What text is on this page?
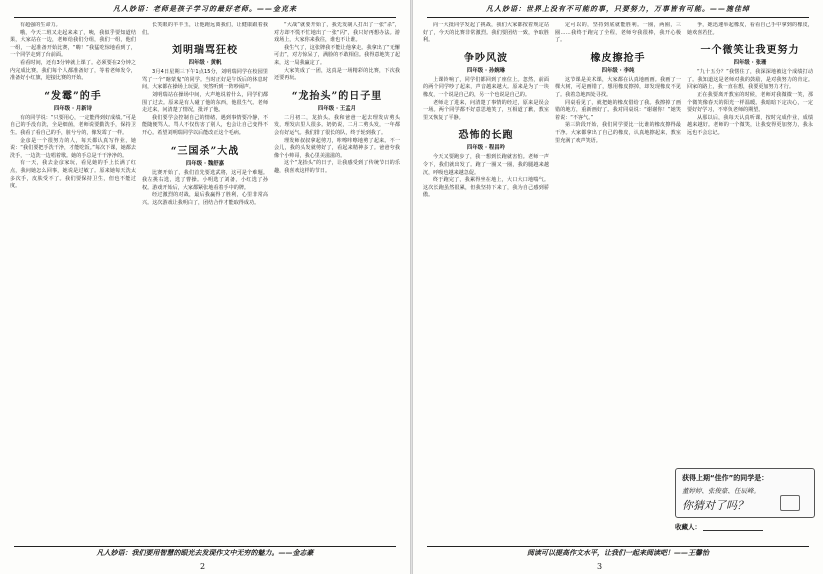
凡人妙语：老师是孩子学习的最好老师。——金克来

有超强的生命力。

哦，今天二班又走起来来了，咦，我似乎要知道结果，大家站在一边，老师给我们分组，我们一组，他们一组，一起准备开始比赛，“嗨！”我猛吃惊地看到了，一个同学走到了台前面。

看看时间，还有3分钟就上课了。必须要在2分钟之内完成比赛。我们每个人都准备好了，等着老师发令，准备好小红旗，迎接比赛的开始。

“发霉”的手
四年级 · 月新诗

有的同学说：“只要用心，一定能得到好成绩。”可是自己的手没有洗，全是细菌，老师说要勤洗手，保持卫生。我看了看自己的手，脏兮兮的，像发霉了一样。

金彦是一个很努力的人，每天都认真写作业，她说：“我们要把手洗干净，才能吃饭。”每次下课，她都去洗手，一边洗一边唱着歌。她的手总是干干净净的。

有一天，我去金彦家玩，看见她的手上长满了红点，我问她怎么回事，她说是过敏了。原来她每天洗太多次手，皮肤受不了。我们要保持卫生，但也不能过度。

长笑眼的羊羊玉，让他跑远离我们，让健康跟着我们。

刘明瑞骂狂校
四年级 · 黄帆

3月4日星期三下午1点15分，刘明瑞同学在校园里骂了一个“瞎蒙鬼”的同学。当时正好是午饭后的休息时间，大家都在操场上玩耍，突然听到一阵吵闹声。

刘明瑞站在操场中间，大声地说着什么，同学们都围了过去。原来是有人碰了他的东西，他很生气。老师走过来，问清楚了情况，批评了他。

我们要学会控制自己的情绪，遇到事情要冷静，不能随便骂人。骂人不仅伤害了别人，也会让自己变得不开心。希望刘明瑞同学以后能改正这个毛病。

“三国杀”大战
四年级 · 魏舒嘉

比赛开始了，我们首先要选武将，这可是个难题。我左挑右选，选了曹操。小明选了刘备，小红选了孙权。游戏开始后，大家都紧张地看着手中的牌。

经过激烈的对战，最后我赢得了胜利，心里非常高兴。这次游戏让我明白了，团结合作才能取得成功。

“大战”就要开始了，我先发制人打出了一张“杀”，对方却不慌不忙地出了一张“闪”，我只好再想办法。游戏场上，大家你来我往，谁也不让谁。

我生气了，这张牌我不能让他拿走。我拿出了“无懈可击”，对方惊呆了，满脸的不敢相信。我得意地笑了起来，这一局我赢定了。

大家笑成了一团，这真是一场精彩的比赛，下次我还要再玩。

“龙抬头”的日子里
四年级 · 王孟月

二月初二，龙抬头。我和爸爸一起去理发店剪头发，理发店里人很多。奶奶说，二月二剪头发，一年都会有好运气。我们排了很长的队，终于轮到我了。

理发师叔叔拿起剪刀，咔嚓咔嚓地剪了起来。不一会儿，我的头发就剪好了，看起来精神多了。爸爸夸我像个小帅哥，我心里美滋滋的。

这个“龙抬头”的日子，让我感受到了传统节日的乐趣，我喜欢这样的节日。

凡人妙语：我们要用智慧的眼光去发现作文中无穷的魅力。——金志豪
2
凡人妙语：世界上没有不可能的事，只要努力，万事皆有可能。——施佳绰

向一大批同学发起了挑战，我们大家都按着规定站好了，今天的比赛非常激烈。我们要团结一致，争取胜利。

争吵风波
四年级 · 孙婉琳

上课铃响了，同学们都回到了座位上。忽然，前面的两个同学吵了起来，声音越来越大。原来是为了一块橡皮，一个说是自己的，另一个也说是自己的。

老师走了进来，问清楚了事情的经过，原来是误会一场。两个同学都不好意思地笑了，互相道了歉，教室里又恢复了平静。

恐怖的长跑
四年级 · 程昌吟

今天又要跑步了，我一想到长跑就害怕。老师一声令下，我们就出发了。跑了一圈又一圈，我的腿越来越沉，呼吸也越来越急促。

终于跑完了，我累得坐在地上，大口大口地喘气。这次长跑虽然很累，但我坚持下来了，我为自己感到骄傲。

定可以的，坚持到底就能胜利。一圈，两圈，三圈……我终于跑完了全程，老师夸我很棒，我开心极了。

橡皮擦抢手
四年级 · 李纯

这节课是美术课，大家都在认真地画画。我画了一棵大树，可是画错了，想用橡皮擦掉，却发现橡皮不见了。我着急地四处寻找。

同桌看见了，就把她的橡皮借给了我。我擦掉了画错的地方，重新画好了。我对同桌说：“谢谢你！”她笑着说：“不客气。”

第三阶段开始，我们同学要比一比谁的橡皮擦得最干净。大家都拿出了自己的橡皮，认真地擦起来，教室里充满了欢声笑语。

争，她迅速举起橡皮，看看自己手中拿到的橡皮，她欢喜若狂。

一个微笑让我更努力
四年级 · 张珊

“九十五分？”我愣住了，我深深地被这个成绩打动了。我知道这是老师对我的鼓励，是对我努力的肯定。回家的路上，我一直在想，我要更加努力才行。

正在我要离开教室的时候，老师对我微微一笑，那个微笑像春天的阳光一样温暖。我暗暗下定决心，一定要好好学习，不辜负老师的期望。

从那以后，我每天认真听课，按时完成作业，成绩越来越好。老师的一个微笑，让我变得更加努力，我永远也不会忘记。

获得上期“佳作”的同学是：
董婷婷、张俊豪、任辰峰。
你猜对了吗？
收藏人：
阅读可以提高作文水平，让我们一起来阅读吧！——王馨怡
3
